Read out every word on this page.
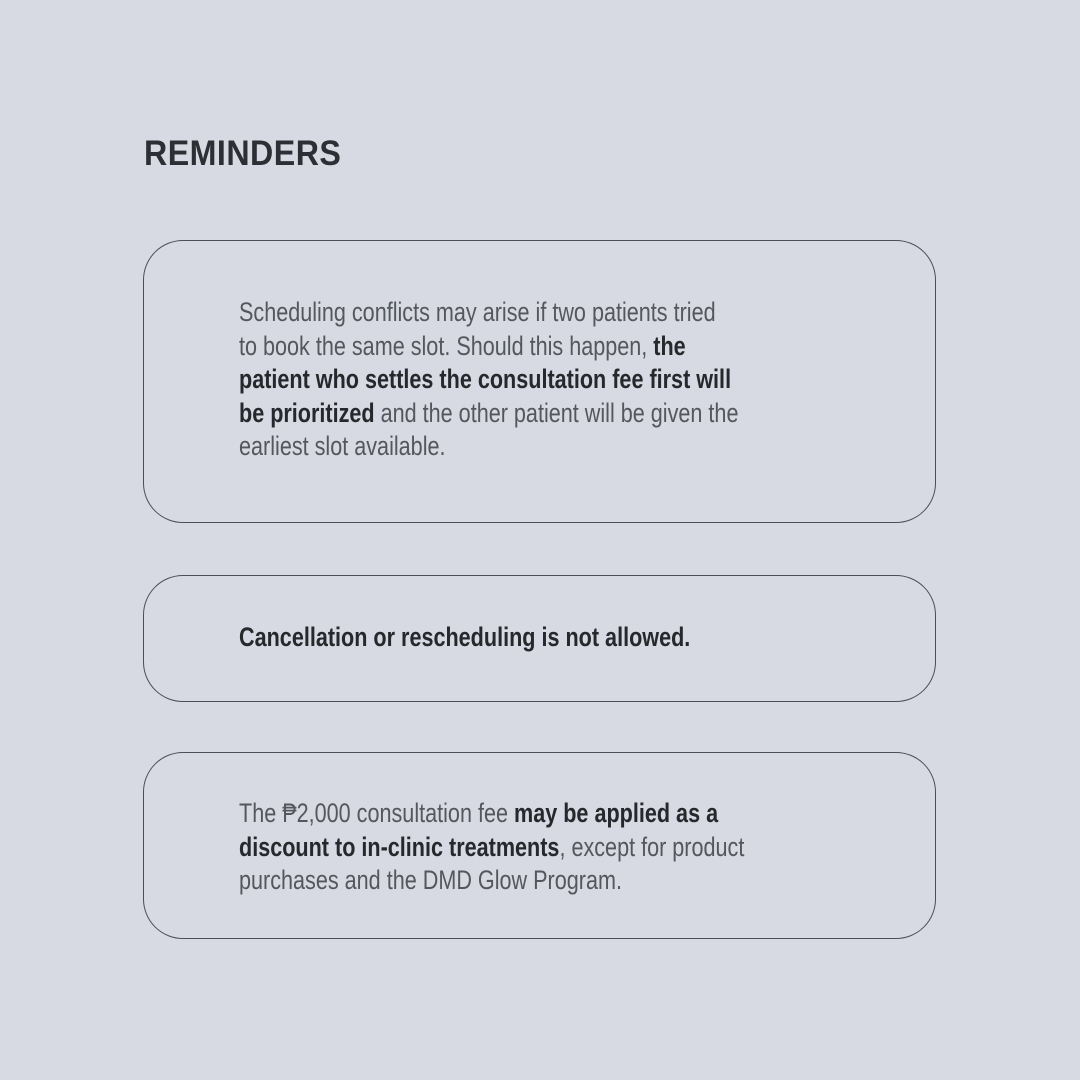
REMINDERS
Scheduling conflicts may arise if two patients tried
to book the same slot. Should this happen, the
patient who settles the consultation fee first will
be prioritized and the other patient will be given the
earliest slot available.
Cancellation or rescheduling is not allowed.
The ₱2,000 consultation fee may be applied as a
discount to in-clinic treatments, except for product
purchases and the DMD Glow Program.
